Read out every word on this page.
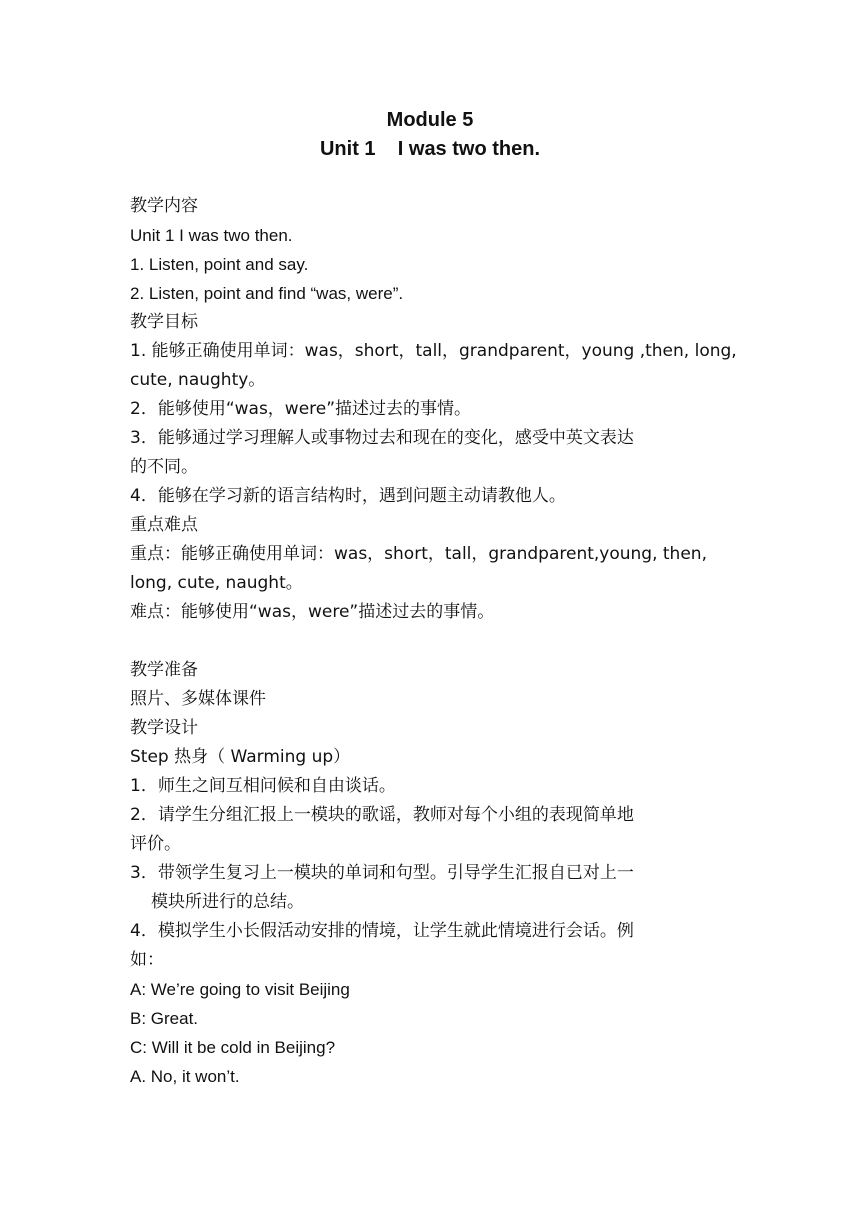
Module 5
Unit 1    I was two then.
教学内容
Unit 1 I was two then.
1. Listen, point and say.
2. Listen, point and find “was, were”.
教学目标
1. 能够正确使用单词：was，short，tall，grandparent，young ,then, long,
cute, naughty。
2．能够使用“was，were”描述过去的事情。
3．能够通过学习理解人或事物过去和现在的变化，感受中英文表达
的不同。
4．能够在学习新的语言结构时，遇到问题主动请教他人。
重点难点
重点：能够正确使用单词：was，short，tall，grandparent,young, then,
long, cute, naught。
难点：能够使用“was，were”描述过去的事情。
教学准备
照片、多媒体课件
教学设计
Step 热身（ Warming up）
1．师生之间互相问候和自由谈话。
2．请学生分组汇报上一模块的歌谣，教师对每个小组的表现简单地
评价。
3．带领学生复习上一模块的单词和句型。引导学生汇报自已对上一
模块所进行的总结。
4．模拟学生小长假活动安排的情境，让学生就此情境进行会话。例
如：
A: We’re going to visit Beijing
B: Great.
C: Will it be cold in Beijing?
A. No, it won’t.
